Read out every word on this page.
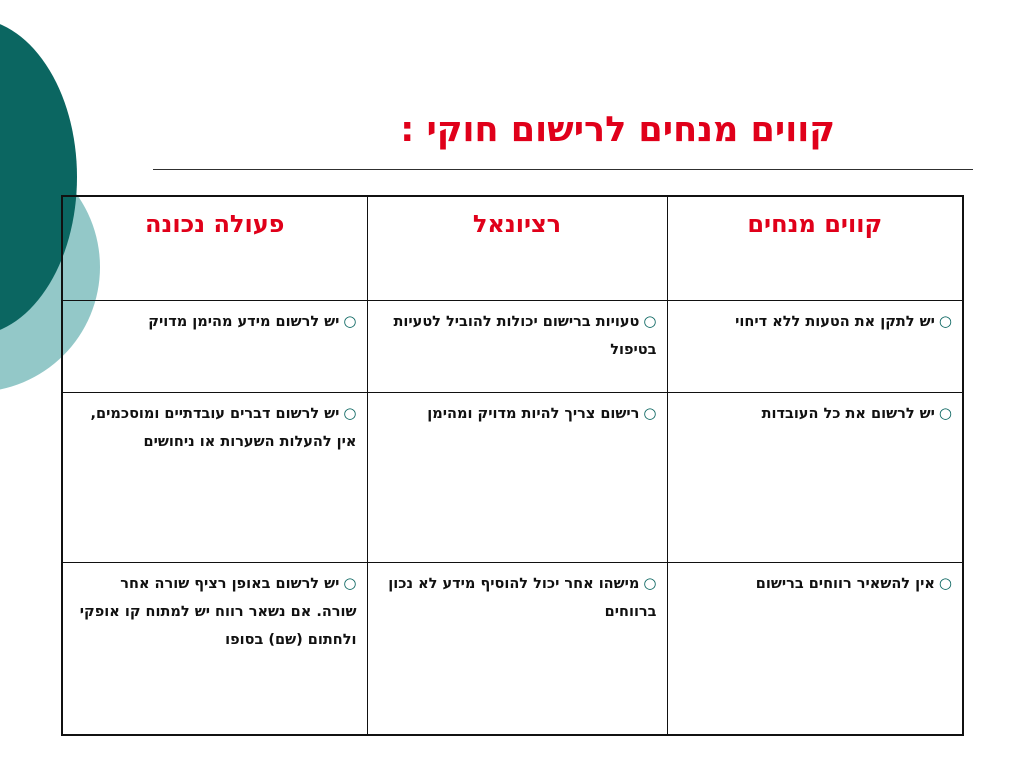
קווים מנחים לרישום חוקי :
קווים מנחים	רציונאל	פעולה נכונה
○יש לתקן את הטעות ללא דיחוי	○טעויות ברישום יכולות להוביל לטעיות בטיפול	○יש לרשום מידע מהימן מדויק
○יש לרשום את כל העובדות	○רישום צריך להיות מדויק ומהימן	○יש לרשום דברים עובדתיים ומוסכמים, אין להעלות השערות או ניחושים
○אין להשאיר רווחים ברישום	○מישהו אחר יכול להוסיף מידע לא נכון ברווחים	○יש לרשום באופן רציף שורה אחר שורה. אם נשאר רווח יש למתוח קו אופקי ולחתום (שם) בסופו
